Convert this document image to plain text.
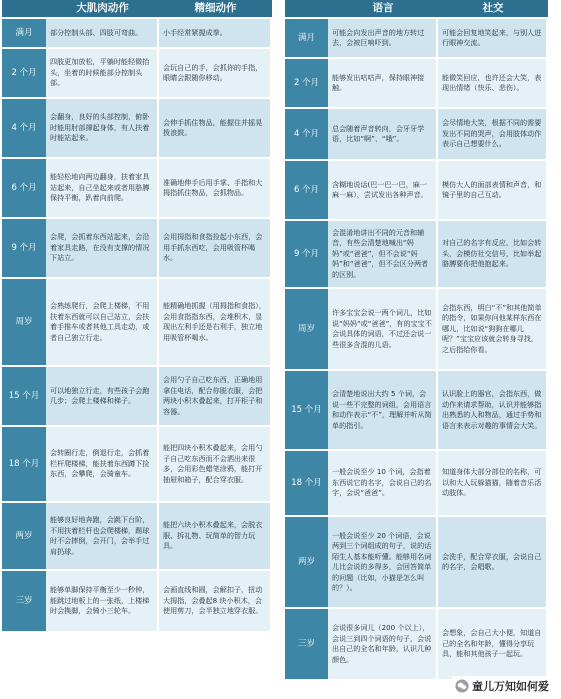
	大肌肉动作	精细动作
满月	部分控制头部、四肢可弯曲。	小手经常紧握成拳。
2 个月	四肢更加放松，平躺时能轻微抬头，坐着的时候能部分控制头部。	会玩自己的手，会抓你的手指，眼睛会跟随你移动。
4 个月	会翻身，良好的头部控制，俯卧时能用肘部撑起身体，有人扶着时能站起来。	会伸手抓住物品，能握住并摇晃拨浪鼓。
6 个月	能轻松地向两边翻身，扶着家具站起来，自己坐起来或者用胳膊保持平衡，趴着向前爬。	准确地伸手后用手掌、手指和大拇指抓住物品，会抓物品。
9 个月	会爬，会抓着东西站起来，会沿着家具走路，在没有支撑的情况下站立。	会用拇指和食指捡起小东西，会用手抓东西吃，会用吸管杯喝水。
周岁	会熟练爬行，会爬上楼梯，不用扶着东西就可以自己站立，会扶着手推车或者其他工具走动，或者自己独立行走。	能精确地抓握（用拇指和食指），会用食指指东西，会堆积木，显现出左利手还是右利手，独立地用吸管杯喝水。
15 个月	可以地独立行走，有些孩子会跑几步；会爬上楼梯和梯子。	会用勺子自己吃东西，正确地用拿住电话，配合你脱衣服，会把两块小积木叠起来，打开柜子和容器。
18 个月	会转圈行走，倒退行走，会抓着栏杆爬楼梯，能扶着东西蹲下捡东西，会攀爬，会骑童车。	能把四块小积木叠起来，会用勺子自己吃东西而不会洒出来很多，会用彩色蜡笔涂鸦，能打开抽屉和箱子，配合穿衣服。
两岁	能够良好地奔跑，会跳下台阶，不用扶着栏杆也会爬楼梯，踢球时不会摔倒，会开门，会举手过肩扔球。	能把六块小积木叠起来，会脱衣服、拆礼物、玩简单的智力玩具。
三岁	能够单脚保持平衡至少一秒钟，能跳过地板上的一张纸，上楼梯时会换脚，会骑小三轮车。	会画直线和圆，会解扣子，扭动大拇指，会叠起8 块小积木，会使用剪刀，会半独立地穿衣服。
	语言	社交
满月	可能会向发出声音的地方转过去，会被巨响吓到。	可能会回复地笑起来，与别人进行眼神交流。
2 个月	能够发出咕咕声，保持眼神接触。	能微笑回应，也许还会大笑，表现出情绪（快乐、悲伤）。
4 个月	总会随着声音转向，会牙牙学语，比如“啊”、“哦”。	会尽情地大笑，根据不同的需要发出不同的哭声，会用肢体动作表示自己想要什么。
6 个月	含糊地说话(巴一巴一巴，麻一麻一麻），尝试发出各种声音。	模仿大人的面部表情和声音，和镜子里的自己互动。
9 个月	会混淆地讲出不同的元音和辅音，有些会清楚地喊出“妈妈”或“爸爸”，但不会说“妈妈”和“爸爸”，但不会区分两者的区别。	对自己的名字有反应，比如会转头，会模仿社交信号，比如举起胳膊要你把他抱起来。
周岁	许多宝宝会说一两个词儿，比如说“妈妈”或“爸爸”，有的宝宝不会说具体的词语，不过还会说一些很多含混的儿语。	会指东西，明白“不”和其他简单的指令，如果你问他某样东西在哪儿，比如说“狗狗在哪儿呢？”宝宝应该就会转身寻找，之后指给你看。
15 个月	会清楚地说出大约 5 个词，会说一些不完整的词组，会用语言和动作表示“不”，理解并听从简单的指引。	认识脸上的器官，会指东西，做动作来请求帮助，认识并能够指出熟悉的人和物品，通过手势和语言来表示对趣的事情会大笑。
18 个月	一般会说至少 10 个词，会指着东西说它的名字，会说自己的名字，会说“爸爸”。	知道身体大部分部位的名称，可以和大人玩躲猫猫，随着音乐活动肢体。
两岁	一般会说至少 20 个词语，会说两到三个词组成的句子，说的话陌生人基本能听懂。能够用名词儿比会说的多得多，会回答简单的问题（比如，小猫是怎么叫的？）。	会洗手，配合穿衣服，会说自己的名字，会唱歌。
三岁	会说很多词儿（200 个以上），会说三到四个词语的句子，会说出自己的全名和年龄，认识几种颜色。	会想象，会自己大小便，知道自己的全名和年龄，懂得分享玩具，能和其他孩子一起玩。
童儿万知如何爱
